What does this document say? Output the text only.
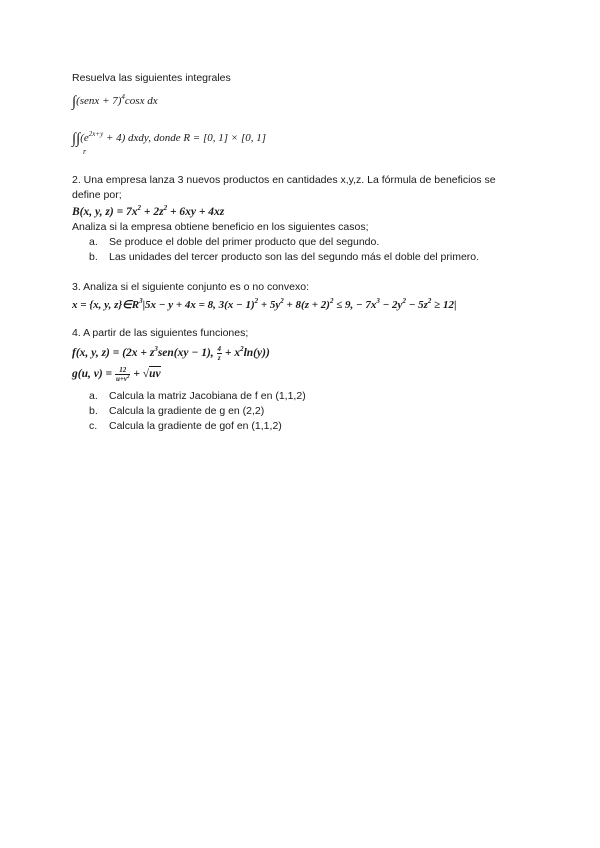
Resuelva las siguientes integrales
∫(senx + 7)$^4$cosx dx
$\int\int(e^{2x+y} + 4)$ dxdy, donde R = [0, 1] × [0, 1]
r
2. Una empresa lanza 3 nuevos productos en cantidades x,y,z. La fórmula de beneficios se
define por;
B(x, y, $z) = 7x^2 + 2z^2 + 6xy + 4xz$
Analiza si la empresa obtiene beneficio en los siguientes casos;
a. Se produce el doble del primer producto que del segundo.
b. Las unidades del tercer producto son las del segundo más el doble del primero.
3. Analiza si el siguiente conjunto es o no convexo:
x = {x, y, $z\}\in R^3|5x - y + 4x = 8$, $3(x - 1)^2 + 5y^2 + 8(z + 2)^2 \le 9$, − $7x^3 - 2y^2 - 5z^2 \ge 12|$
4. A partir de las siguientes funciones;
f(x, y, $z) = (2x + z^3sen(xy - 1)$, $\frac{4}{z} + x^2\ln(y)$)
g(u, $v) = \frac{12}{u+v^2} + √uv$
a. Calcula la matriz Jacobiana de f en (1,1,2)
b. Calcula la gradiente de g en (2,2)
c. Calcula la gradiente de gof en (1,1,2)
